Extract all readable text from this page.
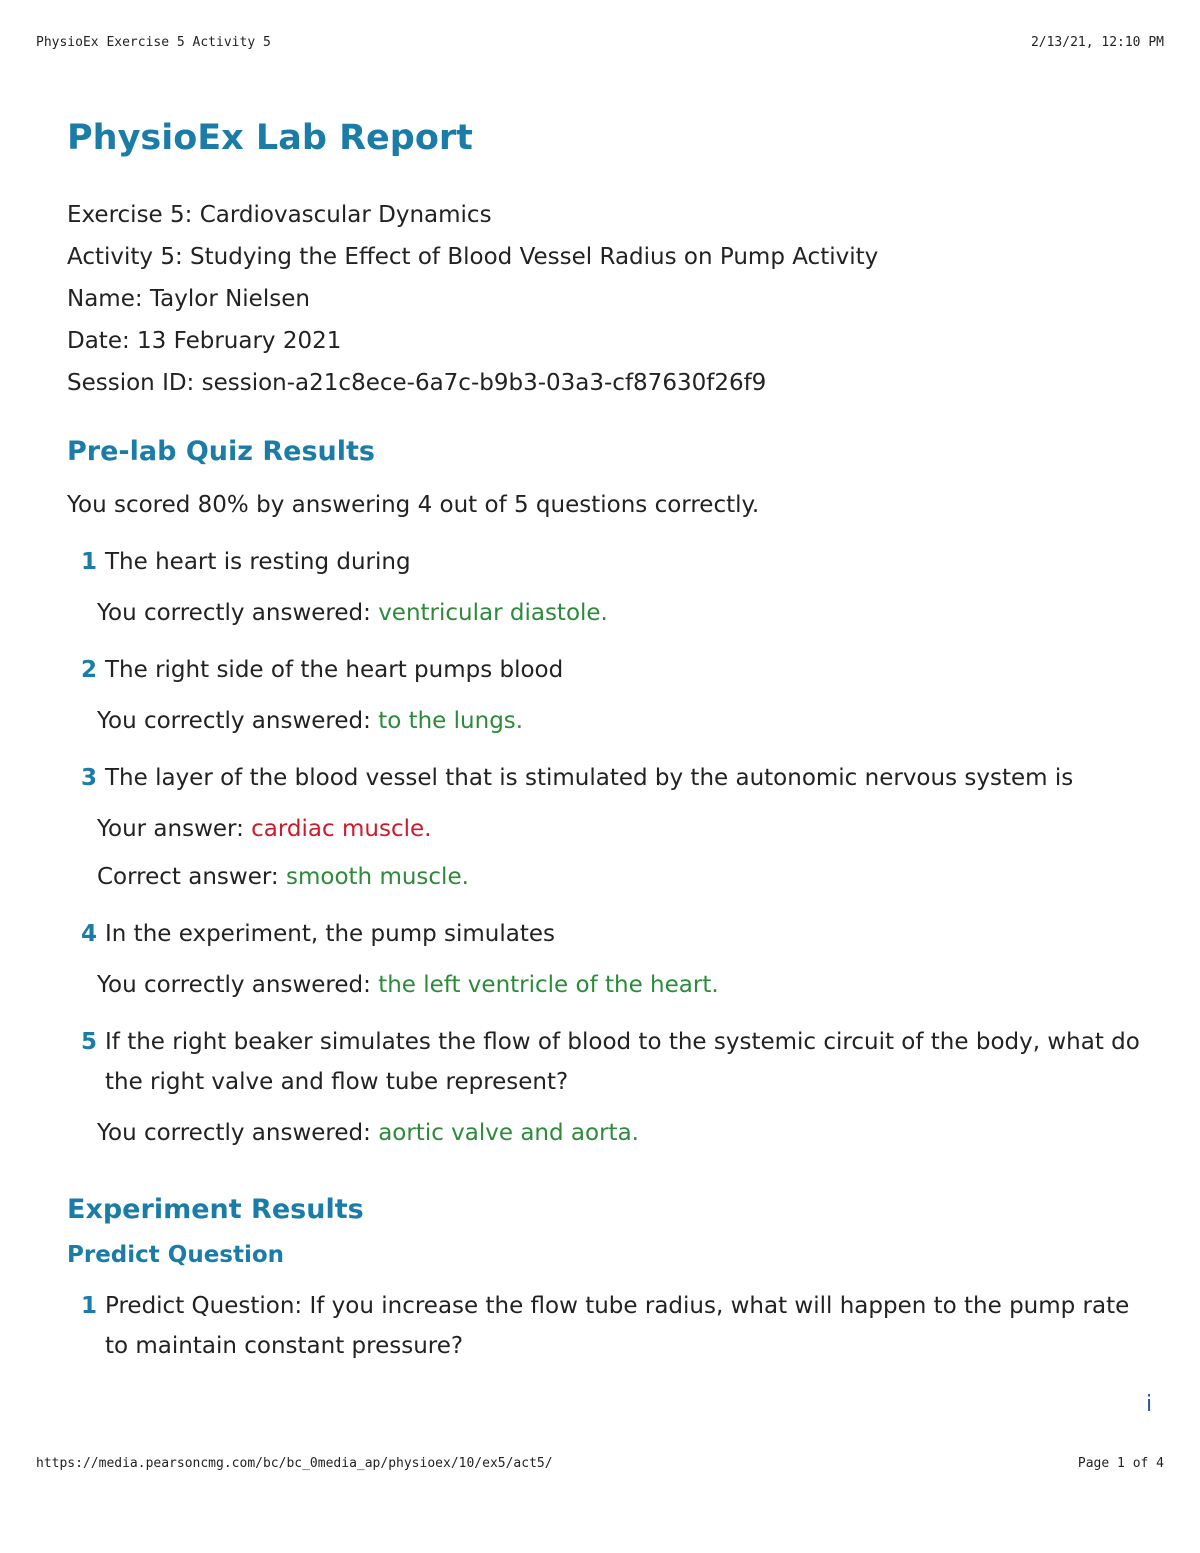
PhysioEx Exercise 5 Activity 5	2/13/21, 12:10 PM
PhysioEx Lab Report

Exercise 5: Cardiovascular Dynamics

Activity 5: Studying the Effect of Blood Vessel Radius on Pump Activity

Name: Taylor Nielsen

Date: 13 February 2021

Session ID: session-a21c8ece-6a7c-b9b3-03a3-cf87630f26f9

Pre-lab Quiz Results

You scored 80% by answering 4 out of 5 questions correctly.

1 The heart is resting during

You correctly answered: ventricular diastole.

2 The right side of the heart pumps blood

You correctly answered: to the lungs.

3 The layer of the blood vessel that is stimulated by the autonomic nervous system is

Your answer: cardiac muscle.

Correct answer: smooth muscle.

4 In the experiment, the pump simulates

You correctly answered: the left ventricle of the heart.

5 If the right beaker simulates the flow of blood to the systemic circuit of the body, what do the right valve and flow tube represent?

You correctly answered: aortic valve and aorta.

Experiment Results
Predict Question
1 Predict Question: If you increase the flow tube radius, what will happen to the pump rate to maintain constant pressure?
i
https://media.pearsoncmg.com/bc/bc_0media_ap/physioex/10/ex5/act5/	Page 1 of 4
